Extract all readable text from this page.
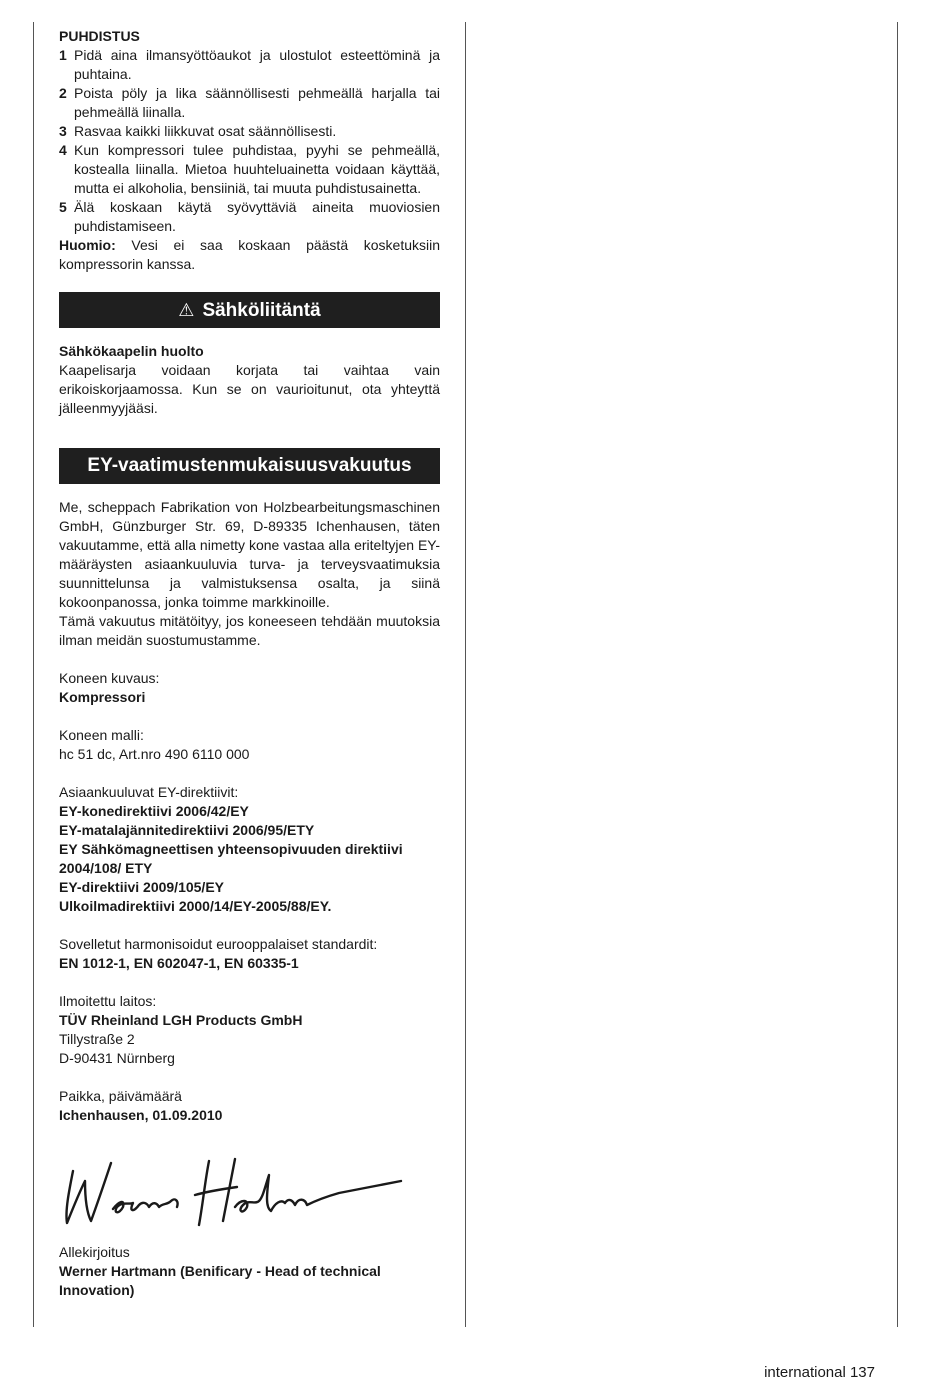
PUHDISTUS

1 Pidä aina ilmansyöttöaukot ja ulostulot esteettöminä ja puhtaina.
2 Poista pöly ja lika säännöllisesti pehmeällä harjalla tai pehmeällä liinalla.
3 Rasvaa kaikki liikkuvat osat säännöllisesti.
4 Kun kompressori tulee puhdistaa, pyyhi se pehmeällä, kostealla liinalla. Mietoa huuhteluainetta voidaan käyttää, mutta ei alkoholia, bensiiniä, tai muuta puhdistusainetta.
5 Älä koskaan käytä syövyttäviä aineita muoviosien puhdistamiseen.

Huomio: Vesi ei saa koskaan päästä kosketuksiin kompressorin kanssa.

⚠ Sähköliitäntä

Sähkökaapelin huolto

Kaapelisarja voidaan korjata tai vaihtaa vain erikoiskorjaamossa. Kun se on vaurioitunut, ota yhteyttä jälleenmyyjääsi.

EY-vaatimustenmukaisuusvakuutus

Me, scheppach Fabrikation von Holzbearbeitungsmaschinen GmbH, Günzburger Str. 69, D-89335 Ichenhausen, täten vakuutamme, että alla nimetty kone vastaa alla eriteltyjen EY-määräysten asiaankuuluvia turva- ja terveysvaatimuksia suunnittelunsa ja valmistuksensa osalta, ja siinä kokoonpanossa, jonka toimme markkinoille.

Tämä vakuutus mitätöityy, jos koneeseen tehdään muutoksia ilman meidän suostumustamme.

Koneen kuvaus:

Kompressori

Koneen malli:

hc 51 dc, Art.nro 490 6110 000

Asiaankuuluvat EY-direktiivit:

EY-konedirektiivi 2006/42/EY

EY-matalajännitedirektiivi 2006/95/ETY

EY Sähkömagneettisen yhteensopivuuden direktiivi 2004/108/ ETY

EY-direktiivi 2009/105/EY

Ulkoilmadirektiivi 2000/14/EY-2005/88/EY.

Sovelletut harmonisoidut eurooppalaiset standardit:

EN 1012-1, EN 602047-1, EN 60335-1

Ilmoitettu laitos:

TÜV Rheinland LGH Products GmbH

Tillystraße 2

D-90431 Nürnberg

Paikka, päivämäärä

Ichenhausen, 01.09.2010

Allekirjoitus

Werner Hartmann (Benificary - Head of technical Innovation)

international 137
